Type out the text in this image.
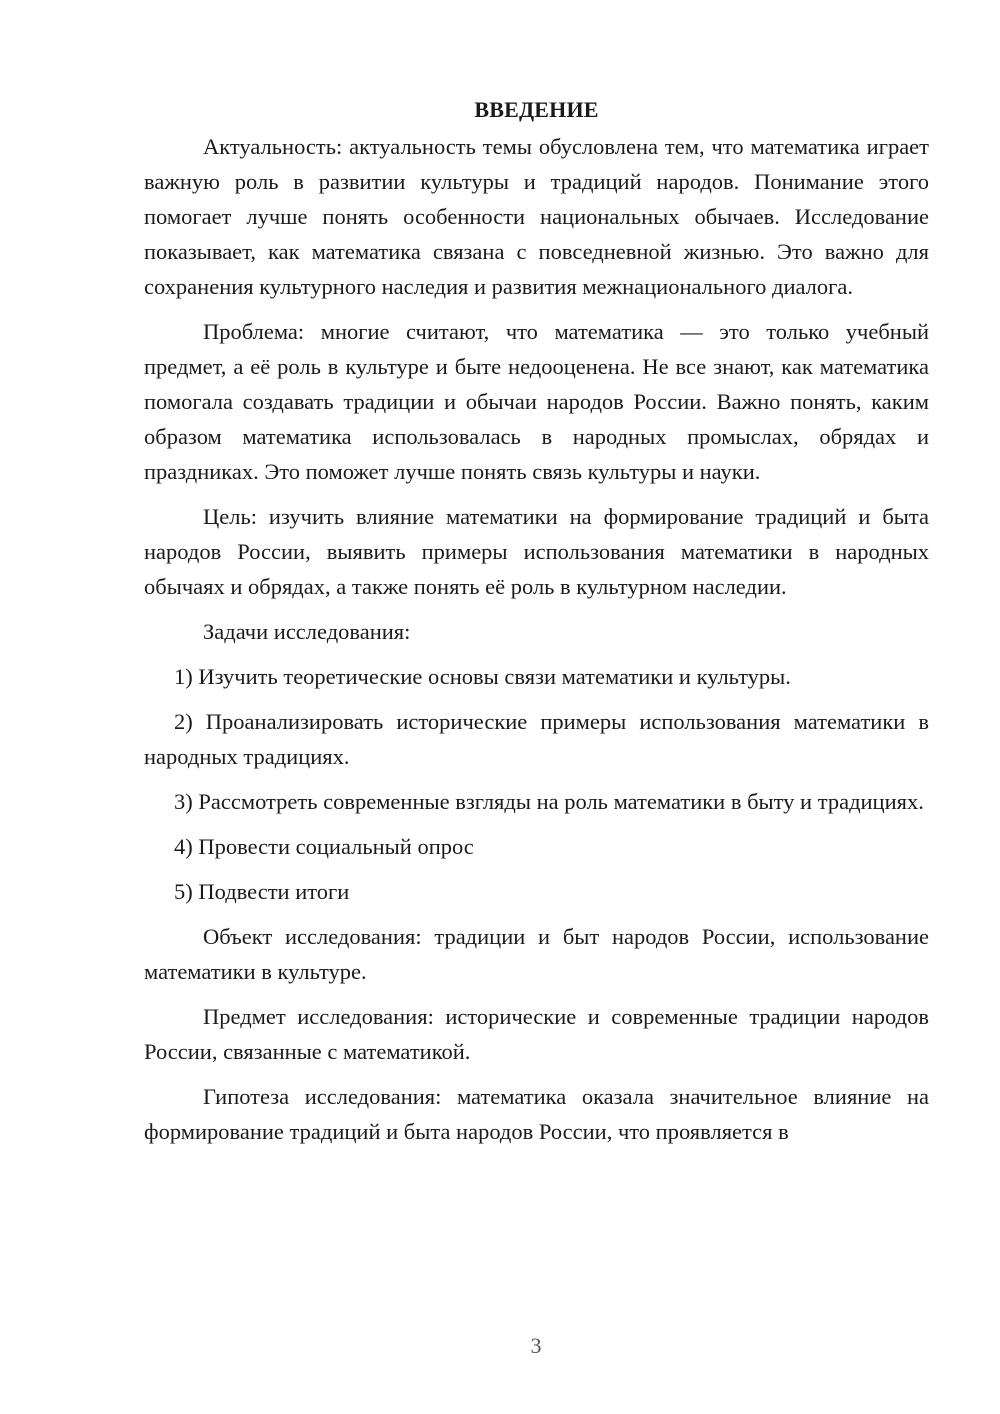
ВВЕДЕНИЕ

Актуальность: актуальность темы обусловлена тем, что математика играет важную роль в развитии культуры и традиций народов. Понимание этого помогает лучше понять особенности национальных обычаев. Исследование показывает, как математика связана с повседневной жизнью. Это важно для сохранения культурного наследия и развития межнационального диалога.

Проблема: многие считают, что математика — это только учебный предмет, а её роль в культуре и быте недооценена. Не все знают, как математика помогала создавать традиции и обычаи народов России. Важно понять, каким образом математика использовалась в народных промыслах, обрядах и праздниках. Это поможет лучше понять связь культуры и науки.

Цель: изучить влияние математики на формирование традиций и быта народов России, выявить примеры использования математики в народных обычаях и обрядах, а также понять её роль в культурном наследии.

Задачи исследования:

1) Изучить теоретические основы связи математики и культуры.

2) Проанализировать исторические примеры использования математики в народных традициях.

3) Рассмотреть современные взгляды на роль математики в быту и традициях.

4) Провести социальный опрос

5) Подвести итоги

Объект исследования: традиции и быт народов России, использование математики в культуре.

Предмет исследования: исторические и современные традиции народов России, связанные с математикой.

Гипотеза исследования: математика оказала значительное влияние на формирование традиций и быта народов России, что проявляется в

3
